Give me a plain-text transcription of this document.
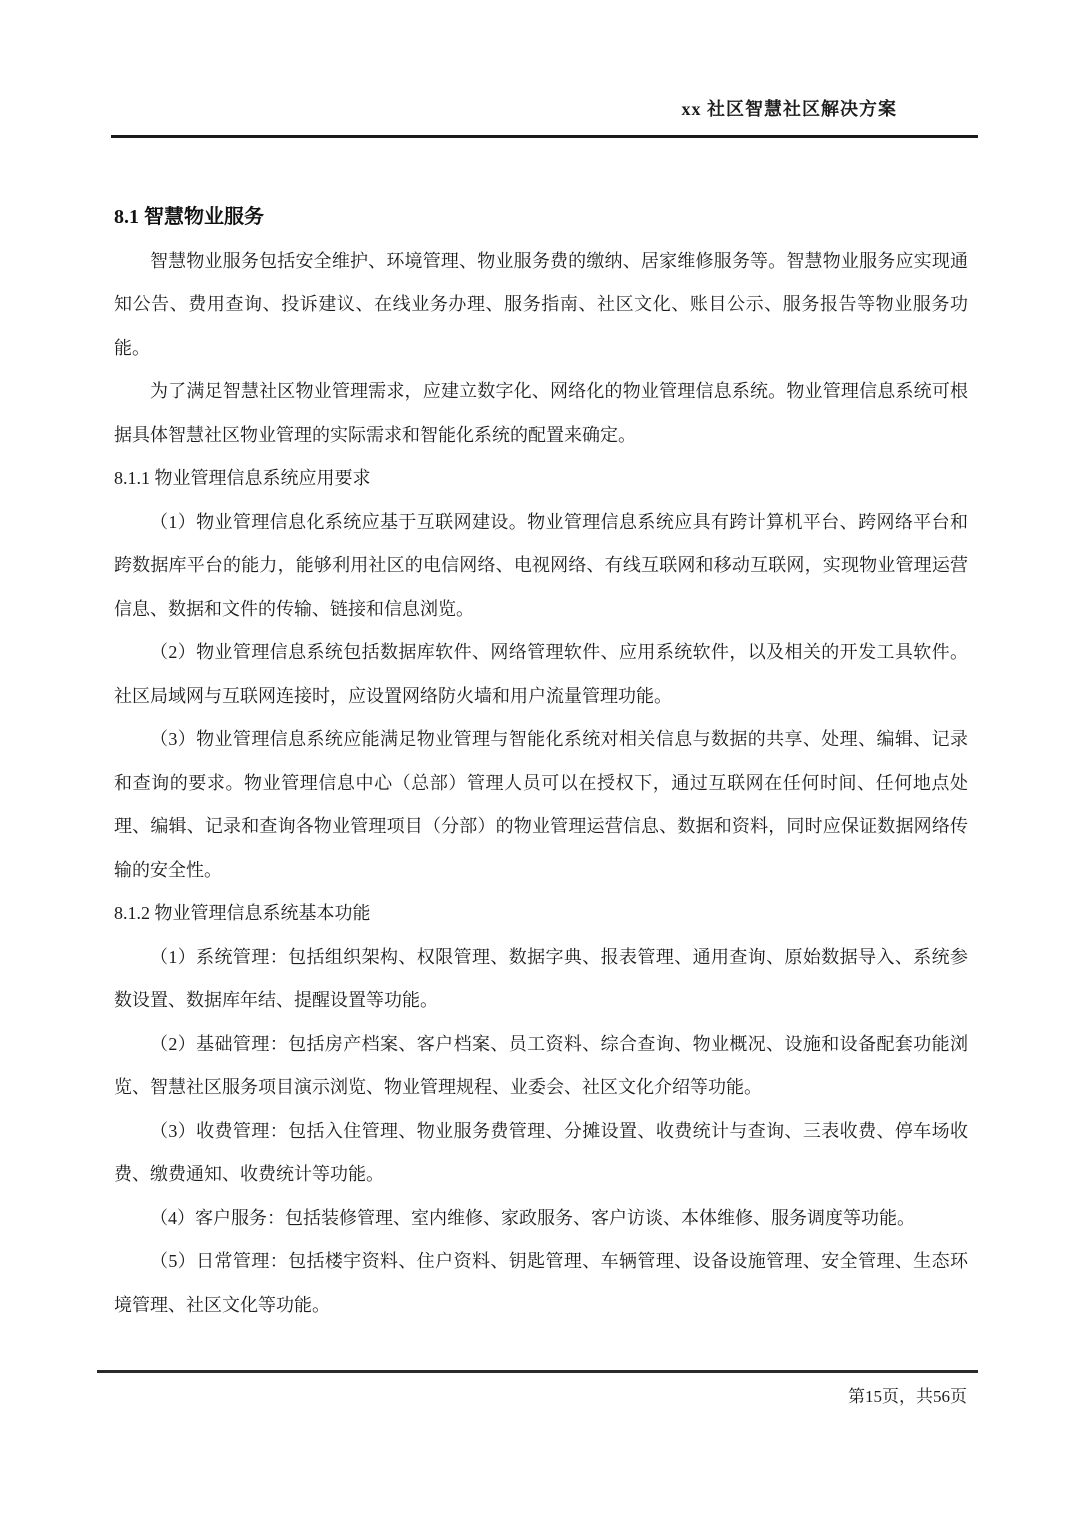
xx 社区智慧社区解决方案
8.1 智慧物业服务

智慧物业服务包括安全维护、环境管理、物业服务费的缴纳、居家维修服务等。智慧物业服务应实现通知公告、费用查询、投诉建议、在线业务办理、服务指南、社区文化、账目公示、服务报告等物业服务功能。

为了满足智慧社区物业管理需求，应建立数字化、网络化的物业管理信息系统。物业管理信息系统可根据具体智慧社区物业管理的实际需求和智能化系统的配置来确定。

8.1.1 物业管理信息系统应用要求

（1）物业管理信息化系统应基于互联网建设。物业管理信息系统应具有跨计算机平台、跨网络平台和跨数据库平台的能力，能够利用社区的电信网络、电视网络、有线互联网和移动互联网，实现物业管理运营信息、数据和文件的传输、链接和信息浏览。

（2）物业管理信息系统包括数据库软件、网络管理软件、应用系统软件，以及相关的开发工具软件。社区局域网与互联网连接时，应设置网络防火墙和用户流量管理功能。

（3）物业管理信息系统应能满足物业管理与智能化系统对相关信息与数据的共享、处理、编辑、记录和查询的要求。物业管理信息中心（总部）管理人员可以在授权下，通过互联网在任何时间、任何地点处理、编辑、记录和查询各物业管理项目（分部）的物业管理运营信息、数据和资料，同时应保证数据网络传输的安全性。

8.1.2 物业管理信息系统基本功能

（1）系统管理：包括组织架构、权限管理、数据字典、报表管理、通用查询、原始数据导入、系统参数设置、数据库年结、提醒设置等功能。

（2）基础管理：包括房产档案、客户档案、员工资料、综合查询、物业概况、设施和设备配套功能浏览、智慧社区服务项目演示浏览、物业管理规程、业委会、社区文化介绍等功能。

（3）收费管理：包括入住管理、物业服务费管理、分摊设置、收费统计与查询、三表收费、停车场收费、缴费通知、收费统计等功能。

（4）客户服务：包括装修管理、室内维修、家政服务、客户访谈、本体维修、服务调度等功能。

（5）日常管理：包括楼宇资料、住户资料、钥匙管理、车辆管理、设备设施管理、安全管理、生态环境管理、社区文化等功能。

第15页，共56页
